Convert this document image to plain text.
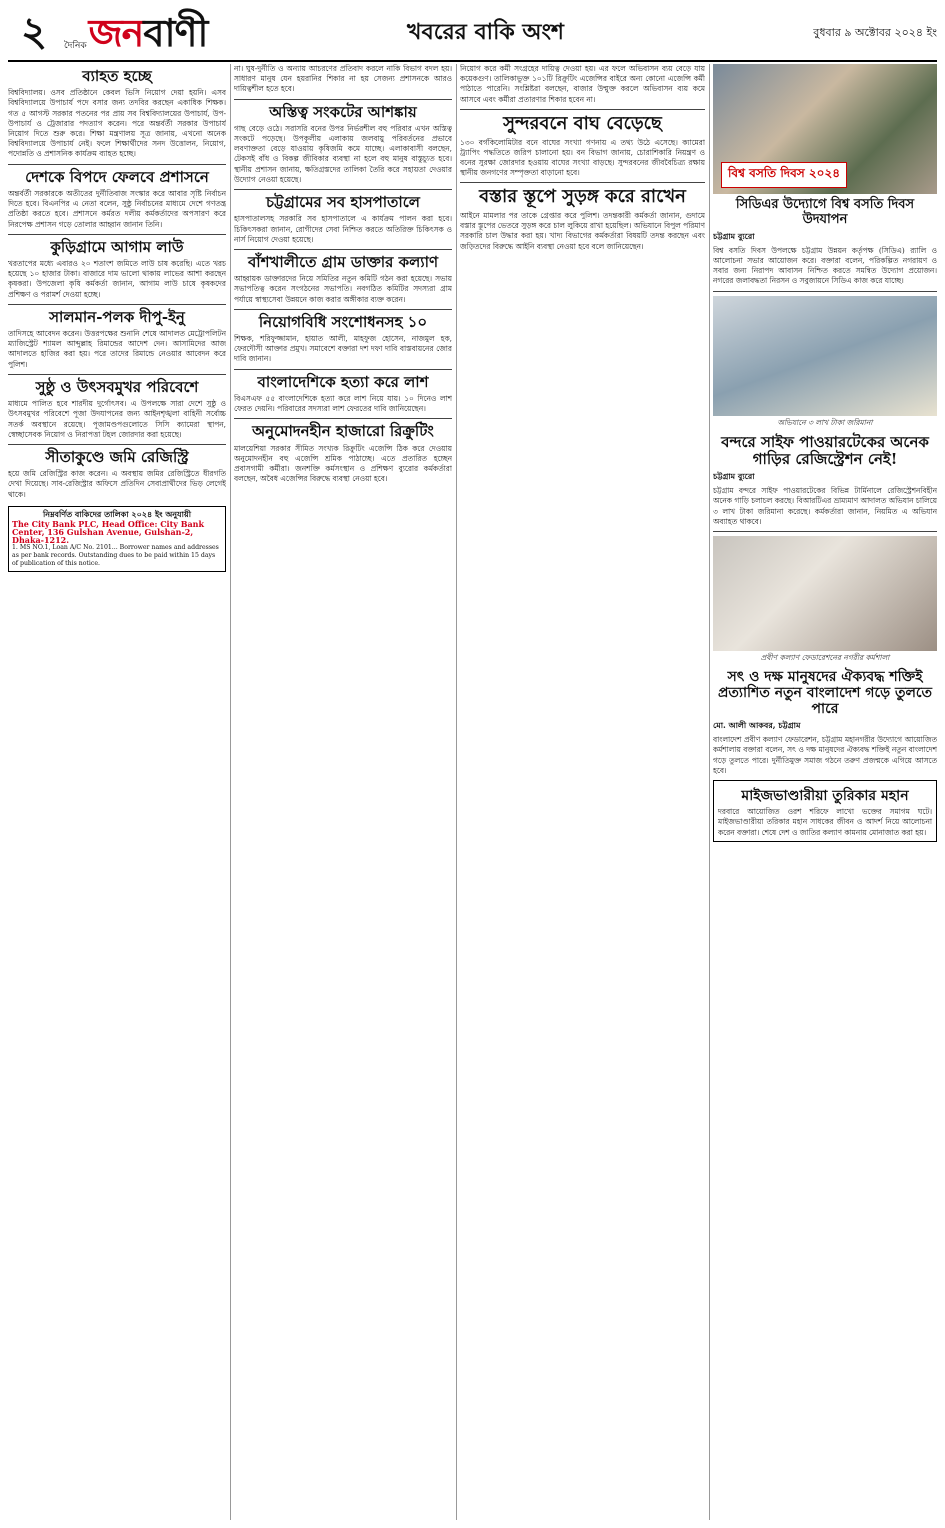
২	দৈনিক জনবাণী	খবরের বাকি অংশ	বুধবার ৯ অক্টোবর ২০২৪ ইং
ব্যাহত হচ্ছে
বিশ্ববিদ্যালয়। ওসব প্রতিষ্ঠানে কেবল ভিসি নিয়োগ দেয়া হয়নি। এসব বিশ্ববিদ্যালয়ে উপাচার্য পদে বসার জন্য তদবির করছেন একাধিক শিক্ষক। গত ৫ আগস্ট সরকার পতনের পর প্রায় সব বিশ্ববিদ্যালয়ের উপাচার্য, উপ-উপাচার্য ও ট্রেজারার পদত্যাগ করেন। পরে অন্তর্বর্তী সরকার উপাচার্য নিয়োগ দিতে শুরু করে। শিক্ষা মন্ত্রণালয় সূত্র জানায়, এখনো অনেক বিশ্ববিদ্যালয়ে উপাচার্য নেই। ফলে শিক্ষার্থীদের সনদ উত্তোলন, নিয়োগ, পদোন্নতি ও প্রশাসনিক কার্যক্রম ব্যাহত হচ্ছে।
দেশকে বিপদে ফেলবে প্রশাসনে
অন্তর্বর্তী সরকারকে অতীতের দুর্নীতিবাজ সংস্কার করে আবার সৃষ্টি নির্বাচন দিতে হবে। বিএনপির এ নেতা বলেন, সুষ্ঠু নির্বাচনের মাধ্যমে দেশে গণতন্ত্র প্রতিষ্ঠা করতে হবে। প্রশাসনে কর্মরত দলীয় কর্মকর্তাদের অপসারণ করে নিরপেক্ষ প্রশাসন গড়ে তোলার আহ্বান জানান তিনি।
কুড়িগ্রামে আগাম লাউ
খরতাপের মধ্যে এবারও ২০ শতাংশ জমিতে লাউ চাষ করেছি। এতে খরচ হয়েছে ১০ হাজার টাকা। বাজারে দাম ভালো থাকায় লাভের আশা করছেন কৃষকরা। উপজেলা কৃষি কর্মকর্তা জানান, আগাম লাউ চাষে কৃষকদের প্রশিক্ষণ ও পরামর্শ দেওয়া হচ্ছে।
সালমান-পলক দীপু-ইনু
তাদিসহে আবেদন করেন। উত্তরপক্ষের শুনানি শেষে আদালত মেট্রোপলিটন ম্যাজিস্ট্রেট শ্যামল আব্দুল্লাহ রিমান্ডের আদেশ দেন। আসামিদের আজ আদালতে হাজির করা হয়। পরে তাদের রিমান্ডে নেওয়ার আবেদন করে পুলিশ।
সুষ্ঠু ও উৎসবমুখর পরিবেশে
মাধ্যমে পালিত হবে শারদীয় দুর্গোৎসব। এ উপলক্ষে সারা দেশে সুষ্ঠু ও উৎসবমুখর পরিবেশে পূজা উদযাপনের জন্য আইনশৃঙ্খলা বাহিনী সর্বোচ্চ সতর্ক অবস্থানে রয়েছে। পূজামণ্ডপগুলোতে সিসি ক্যামেরা স্থাপন, স্বেচ্ছাসেবক নিয়োগ ও নিরাপত্তা টহল জোরদার করা হয়েছে।
সীতাকুণ্ডে জমি রেজিস্ট্রি
হয়ে জমি রেজিস্ট্রির কাজ করেন। এ অবস্থায় জমির রেজিস্ট্রিতে ধীরগতি দেখা দিয়েছে। সাব-রেজিস্ট্রার অফিসে প্রতিদিন সেবাপ্রার্থীদের ভিড় লেগেই থাকে।
নিম্নবর্ণিত বাকিদের তালিকা ২০২৪ ইং অনুযায়ী
The City Bank PLC, Head Office: City Bank Center, 136 Gulshan Avenue, Gulshan-2, Dhaka-1212.
1. MS NO.1, Loan A/C No. 2101... Borrower names and addresses as per bank records. Outstanding dues to be paid within 15 days of publication of this notice.
না। ঘুষ-দুর্নীতি ও অন্যায় আচরণের প্রতিবাদ করলে নাকি বিভাগ বদল হয়। সাধারণ মানুষ যেন হয়রানির শিকার না হয় সেজন্য প্রশাসনকে আরও দায়িত্বশীল হতে হবে।
অস্তিত্ব সংকটের আশঙ্কায়
গাছ বেড়ে ওঠে। সরাসরি বনের উপর নির্ভরশীল বহু পরিবার এখন অস্তিত্ব সংকটে পড়েছে। উপকূলীয় এলাকায় জলবায়ু পরিবর্তনের প্রভাবে লবণাক্ততা বেড়ে যাওয়ায় কৃষিজমি কমে যাচ্ছে। এলাকাবাসী বলছেন, টেকসই বাঁধ ও বিকল্প জীবিকার ব্যবস্থা না হলে বহু মানুষ বাস্তুচ্যুত হবে। স্থানীয় প্রশাসন জানায়, ক্ষতিগ্রস্তদের তালিকা তৈরি করে সহায়তা দেওয়ার উদ্যোগ নেওয়া হয়েছে।
চট্টগ্রামের সব হাসপাতালে
হাসপাতালসহ সরকারি সব হাসপাতালে এ কার্যক্রম পালন করা হবে। চিকিৎসকরা জানান, রোগীদের সেবা নিশ্চিত করতে অতিরিক্ত চিকিৎসক ও নার্স নিয়োগ দেওয়া হয়েছে।
বাঁশখালীতে গ্রাম ডাক্তার কল্যাণ
আহ্বায়ক ডাক্তারদের নিয়ে সমিতির নতুন কমিটি গঠন করা হয়েছে। সভায় সভাপতিত্ব করেন সংগঠনের সভাপতি। নবগঠিত কমিটির সদস্যরা গ্রাম পর্যায়ে স্বাস্থ্যসেবা উন্নয়নে কাজ করার অঙ্গীকার ব্যক্ত করেন।
নিয়োগবিধি সংশোধনসহ ১০
শিক্ষক, শরিফুজ্জামান, হায়াত আলী, মাহফুজ হোসেন, নাজমুল হক, ফেরদৌসী আক্তার প্রমুখ। সমাবেশে বক্তারা দশ দফা দাবি বাস্তবায়নের জোর দাবি জানান।
বাংলাদেশিকে হত্যা করে লাশ
বিএসএফ ৫৫ বাংলাদেশিকে হত্যা করে লাশ নিয়ে যায়। ১০ দিনেও লাশ ফেরত দেয়নি। পরিবারের সদস্যরা লাশ ফেরতের দাবি জানিয়েছেন।
অনুমোদনহীন হাজারো রিক্রুটিং
মালয়েশিয়া সরকার সীমিত সংখ্যক রিক্রুটিং এজেন্সি ঠিক করে দেওয়ায় অনুমোদনহীন বহু এজেন্সি শ্রমিক পাঠাচ্ছে। এতে প্রতারিত হচ্ছেন প্রবাসগামী কর্মীরা। জনশক্তি কর্মসংস্থান ও প্রশিক্ষণ ব্যুরোর কর্মকর্তারা বলছেন, অবৈধ এজেন্সির বিরুদ্ধে ব্যবস্থা নেওয়া হবে।
নিয়োগ করে কর্মী সংগ্রহের দায়িত্ব দেওয়া হয়। এর ফলে অভিবাসন ব্যয় বেড়ে যায় কয়েকগুণ। তালিকাভুক্ত ১০১টি রিক্রুটিং এজেন্সির বাইরে অন্য কোনো এজেন্সি কর্মী পাঠাতে পারেনি। সংশ্লিষ্টরা বলছেন, বাজার উন্মুক্ত করলে অভিবাসন ব্যয় কমে আসবে এবং কর্মীরা প্রতারণার শিকার হবেন না।
সুন্দরবনে বাঘ বেড়েছে
১৩০ বর্গকিলোমিটার বনে বাঘের সংখ্যা গণনায় এ তথ্য উঠে এসেছে। ক্যামেরা ট্র্যাপিং পদ্ধতিতে জরিপ চালানো হয়। বন বিভাগ জানায়, চোরাশিকারি নিয়ন্ত্রণ ও বনের সুরক্ষা জোরদার হওয়ায় বাঘের সংখ্যা বাড়ছে। সুন্দরবনের জীববৈচিত্র্য রক্ষায় স্থানীয় জনগণের সম্পৃক্ততা বাড়ানো হবে।
বস্তার স্তূপে সুড়ঙ্গ করে রাখেন
আইনে মামলার পর তাকে গ্রেপ্তার করে পুলিশ। তদন্তকারী কর্মকর্তা জানান, গুদামে বস্তার স্তূপের ভেতরে সুড়ঙ্গ করে চাল লুকিয়ে রাখা হয়েছিল। অভিযানে বিপুল পরিমাণ সরকারি চাল উদ্ধার করা হয়। খাদ্য বিভাগের কর্মকর্তারা বিষয়টি তদন্ত করছেন এবং জড়িতদের বিরুদ্ধে আইনি ব্যবস্থা নেওয়া হবে বলে জানিয়েছেন।
বিশ্ব বসতি দিবস ২০২৪
সিডিএর উদ্যোগে বিশ্ব বসতি দিবস উদযাপন
চট্টগ্রাম ব্যুরো
বিশ্ব বসতি দিবস উপলক্ষে চট্টগ্রাম উন্নয়ন কর্তৃপক্ষ (সিডিএ) র‍্যালি ও আলোচনা সভার আয়োজন করে। বক্তারা বলেন, পরিকল্পিত নগরায়ণ ও সবার জন্য নিরাপদ আবাসন নিশ্চিত করতে সমন্বিত উদ্যোগ প্রয়োজন। নগরের জলাবদ্ধতা নিরসন ও সবুজায়নে সিডিএ কাজ করে যাচ্ছে।
অভিযানে ৩ লাখ টাকা জরিমানা
বন্দরে সাইফ পাওয়ারটেকের অনেক গাড়ির রেজিস্ট্রেশন নেই!
চট্টগ্রাম ব্যুরো
চট্টগ্রাম বন্দরে সাইফ পাওয়ারটেকের বিভিন্ন টার্মিনালে রেজিস্ট্রেশনবিহীন অনেক গাড়ি চলাচল করছে। বিআরটিএর ভ্রাম্যমাণ আদালত অভিযান চালিয়ে ৩ লাখ টাকা জরিমানা করেছে। কর্মকর্তারা জানান, নিয়মিত এ অভিযান অব্যাহত থাকবে।
প্রবীণ কল্যাণ ফেডারেশনের নগরীর কর্মশালা
সৎ ও দক্ষ মানুষদের ঐক্যবদ্ধ শক্তিই প্রত্যাশিত নতুন বাংলাদেশ গড়ে তুলতে পারে
মো. আলী আকবর, চট্টগ্রাম
বাংলাদেশ প্রবীণ কল্যাণ ফেডারেশন, চট্টগ্রাম মহানগরীর উদ্যোগে আয়োজিত কর্মশালায় বক্তারা বলেন, সৎ ও দক্ষ মানুষদের ঐক্যবদ্ধ শক্তিই নতুন বাংলাদেশ গড়ে তুলতে পারে। দুর্নীতিমুক্ত সমাজ গঠনে তরুণ প্রজন্মকে এগিয়ে আসতে হবে।
মাইজভাণ্ডারীয়া তুরিকার মহান
দরবারে আয়োজিত ওরশ শরিফে লাখো ভক্তের সমাগম ঘটে। মাইজভাণ্ডারীয়া তরিকার মহান সাধকের জীবন ও আদর্শ নিয়ে আলোচনা করেন বক্তারা। শেষে দেশ ও জাতির কল্যাণ কামনায় মোনাজাত করা হয়।
